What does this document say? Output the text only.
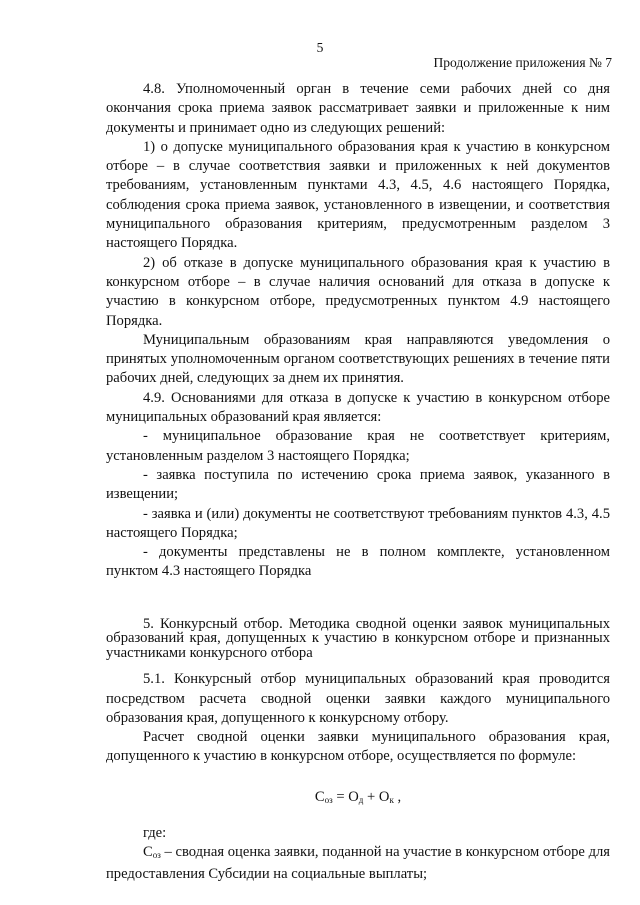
5
Продолжение приложения № 7

4.8. Уполномоченный орган в течение семи рабочих дней со дня окончания срока приема заявок рассматривает заявки и приложенные к ним документы и принимает одно из следующих решений:

1) о допуске муниципального образования края к участию в конкурсном отборе – в случае соответствия заявки и приложенных к ней документов требованиям, установленным пунктами 4.3, 4.5, 4.6 настоящего Порядка, соблюдения срока приема заявок, установленного в извещении, и соответствия муниципального образования критериям, предусмотренным разделом 3 настоящего Порядка.

2) об отказе в допуске муниципального образования края к участию в конкурсном отборе – в случае наличия оснований для отказа в допуске к участию в конкурсном отборе, предусмотренных пунктом 4.9 настоящего Порядка.

Муниципальным образованиям края направляются уведомления о принятых уполномоченным органом соответствующих решениях в течение пяти рабочих дней, следующих за днем их принятия.

4.9. Основаниями для отказа в допуске к участию в конкурсном отборе муниципальных образований края является:

- муниципальное образование края не соответствует критериям, установленным разделом 3 настоящего Порядка;

- заявка поступила по истечению срока приема заявок, указанного в извещении;

- заявка и (или) документы не соответствуют требованиям пунктов 4.3, 4.5 настоящего Порядка;

- документы представлены не в полном комплекте, установленном пунктом 4.3 настоящего Порядка

5. Конкурсный отбор. Методика сводной оценки заявок муниципальных образований края, допущенных к участию в конкурсном отборе и признанных участниками конкурсного отбора

5.1. Конкурсный отбор муниципальных образований края проводится посредством расчета сводной оценки заявки каждого муниципального образования края, допущенного к конкурсному отбору.

Расчет сводной оценки заявки муниципального образования края, допущенного к участию в конкурсном отборе, осуществляется по формуле:

$С_{оз} = О_д + О_к$ ,

где:

$С_{оз}$ – сводная оценка заявки, поданной на участие в конкурсном отборе для предоставления Субсидии на социальные выплаты;
